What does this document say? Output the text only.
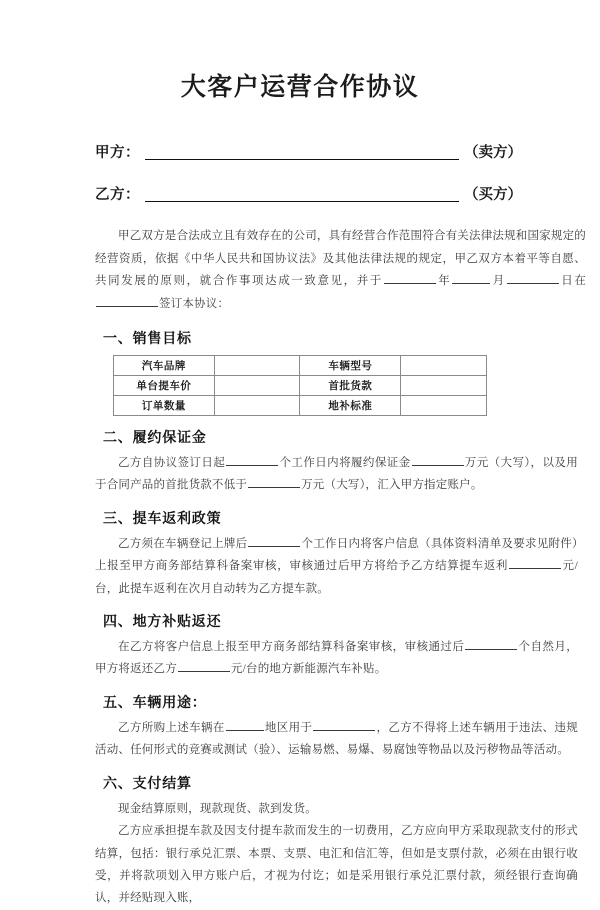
大客户运营合作协议
甲方：	（卖方）
乙方：	（买方）

甲乙双方是合法成立且有效存在的公司，具有经营合作范围符合有关法律法规和国家规定的经营资质，依据《中华人民共和国协议法》及其他法律法规的规定，甲乙双方本着平等自愿、共同发展的原则，就合作事项达成一致意见，并于	年	月	日在签订本协议：

一、销售目标
汽车品牌		车辆型号	
单台提车价		首批货款	
订单数量		地补标准	
二、履约保证金

乙方自协议签订日起	个工作日内将履约保证金	万元（大写），以及用于合同产品的首批货款不低于	万元（大写），汇入甲方指定账户。

三、提车返利政策

乙方须在车辆登记上牌后	个工作日内将客户信息（具体资料清单及要求见附件）上报至甲方商务部结算科备案审核，审核通过后甲方将给予乙方结算提车返利	元/台，此提车返利在次月自动转为乙方提车款。

四、地方补贴返还

在乙方将客户信息上报至甲方商务部结算科备案审核，审核通过后	个自然月，甲方将返还乙方	元/台的地方新能源汽车补贴。

五、车辆用途：

乙方所购上述车辆在	地区用于	，乙方不得将上述车辆用于违法、违规活动、任何形式的竞赛或测试（验）、运输易燃、易爆、易腐蚀等物品以及污秽物品等活动。

六、支付结算

现金结算原则，现款现货、款到发货。

乙方应承担提车款及因支付提车款而发生的一切费用，乙方应向甲方采取现款支付的形式结算，包括：银行承兑汇票、本票、支票、电汇和信汇等，但如是支票付款，必须在由银行收受，并将款项划入甲方账户后，才视为付讫；如是采用银行承兑汇票付款，须经银行查询确认，并经贴现入账，
